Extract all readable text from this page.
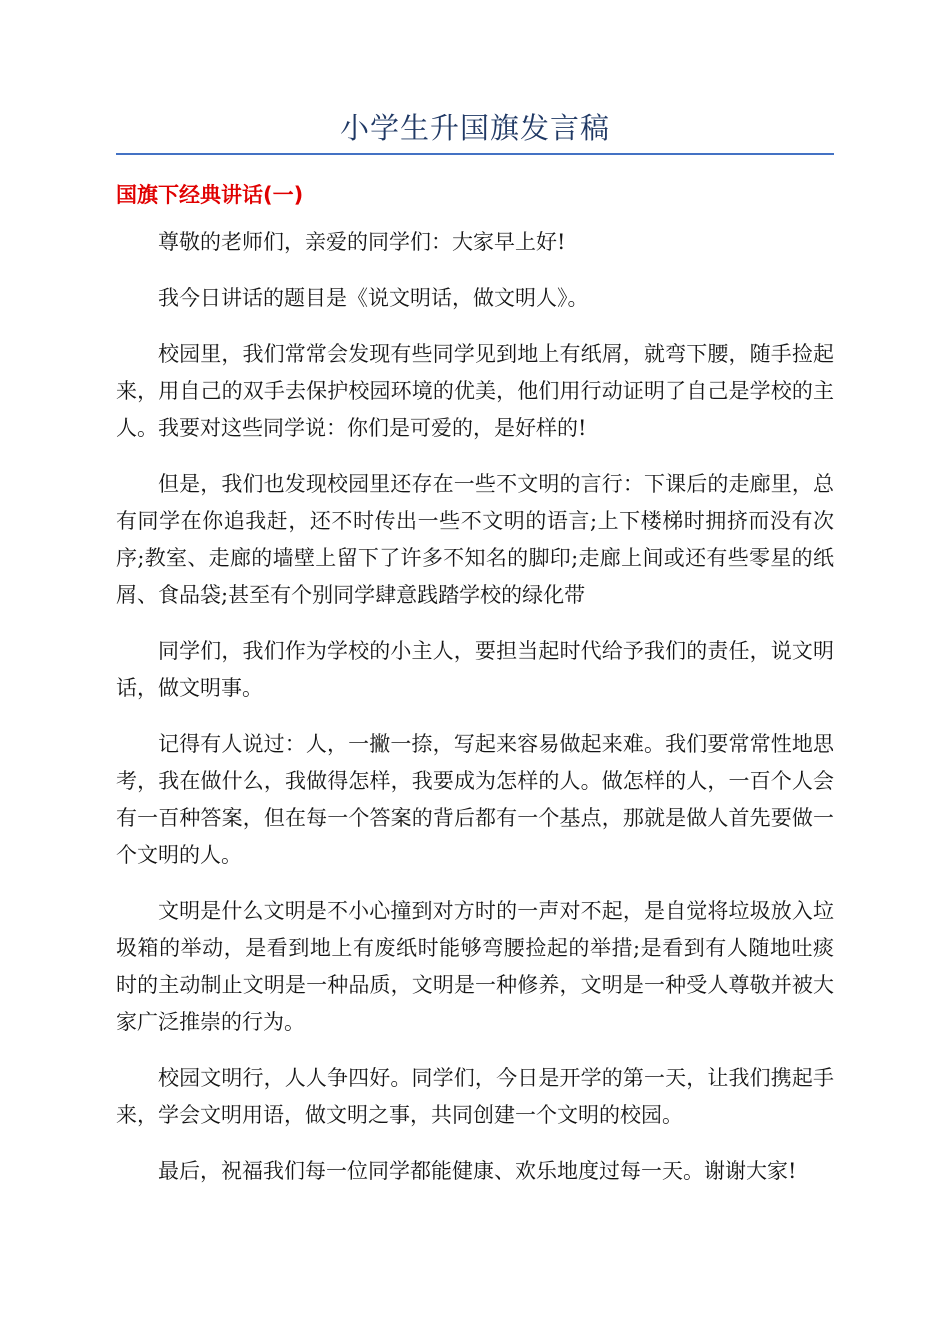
小学生升国旗发言稿
国旗下经典讲话(一)

尊敬的老师们，亲爱的同学们：大家早上好!

我今日讲话的题目是《说文明话，做文明人》。

校园里，我们常常会发现有些同学见到地上有纸屑，就弯下腰，随手捡起来，用自己的双手去保护校园环境的优美，他们用行动证明了自己是学校的主人。我要对这些同学说：你们是可爱的，是好样的!

但是，我们也发现校园里还存在一些不文明的言行：下课后的走廊里，总有同学在你追我赶，还不时传出一些不文明的语言;上下楼梯时拥挤而没有次序;教室、走廊的墙壁上留下了许多不知名的脚印;走廊上间或还有些零星的纸屑、食品袋;甚至有个别同学肆意践踏学校的绿化带

同学们，我们作为学校的小主人，要担当起时代给予我们的责任，说文明话，做文明事。

记得有人说过：人，一撇一捺，写起来容易做起来难。我们要常常性地思考，我在做什么，我做得怎样，我要成为怎样的人。做怎样的人，一百个人会有一百种答案，但在每一个答案的背后都有一个基点，那就是做人首先要做一个文明的人。

文明是什么文明是不小心撞到对方时的一声对不起，是自觉将垃圾放入垃圾箱的举动，是看到地上有废纸时能够弯腰捡起的举措;是看到有人随地吐痰时的主动制止文明是一种品质，文明是一种修养，文明是一种受人尊敬并被大家广泛推崇的行为。

校园文明行，人人争四好。同学们，今日是开学的第一天，让我们携起手来，学会文明用语，做文明之事，共同创建一个文明的校园。

最后，祝福我们每一位同学都能健康、欢乐地度过每一天。谢谢大家!
